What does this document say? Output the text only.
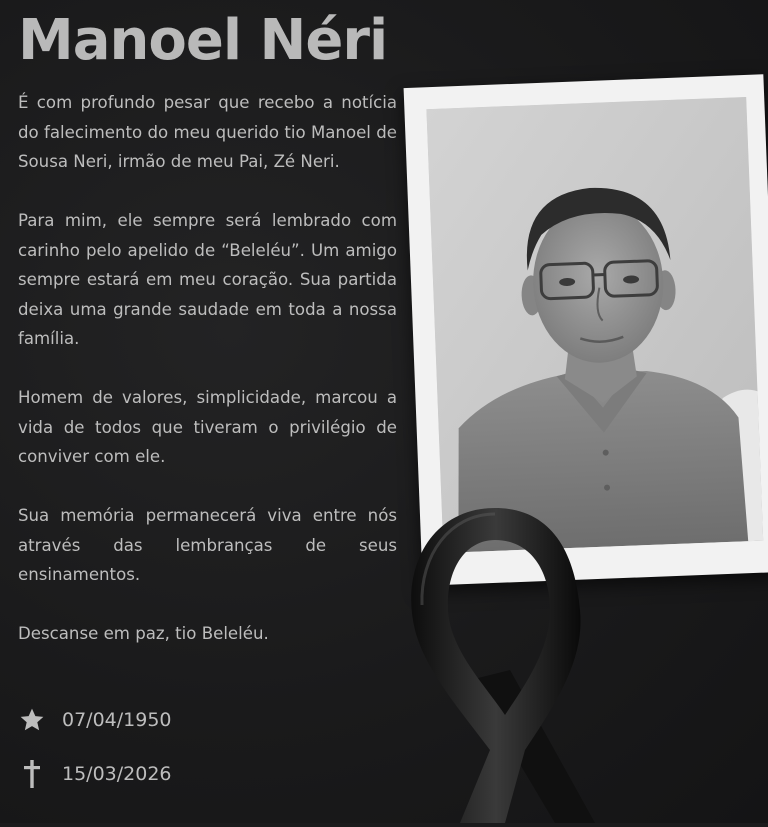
Manoel Néri

É com profundo pesar que recebo a notícia do falecimento do meu querido tio Manoel de Sousa Neri, irmão de meu Pai, Zé Neri.

Para mim, ele sempre será lembrado com carinho pelo apelido de “Beleléu”. Um amigo sempre estará em meu coração. Sua partida deixa uma grande saudade em toda a nossa família.

Homem de valores, simplicidade, marcou a vida de todos que tiveram o privilégio de conviver com ele.

Sua memória permanecerá viva entre nós através das lembranças de seus ensinamentos.

Descanse em paz, tio Beleléu.

07/04/1950
15/03/2026
